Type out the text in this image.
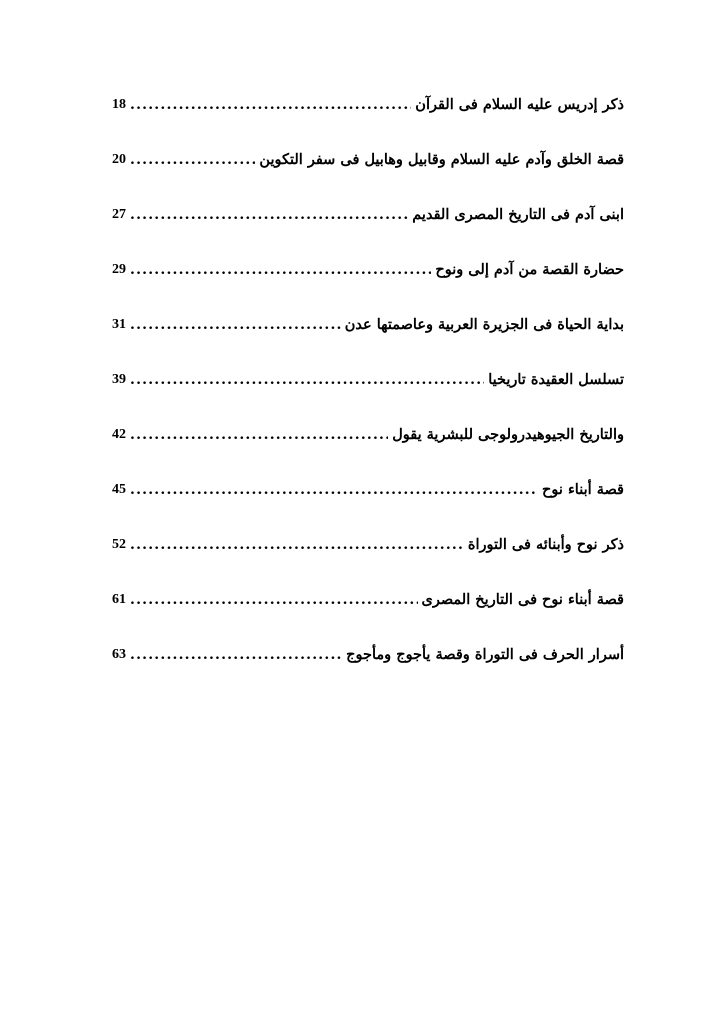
ذكر إدريس عليه السلام فى القرآن
.....
18
قصة الخلق وآدم عليه السلام وقابيل وهابيل فى سفر التكوين
.....
20
ابنى آدم فى التاريخ المصرى القديم
.....
27
حضارة القصة من آدم إلى ونوح
.....
29
بداية الحياة فى الجزيرة العربية وعاصمتها عدن
.....
31
تسلسل العقيدة تاريخيا
.....
39
والتاريخ الجيوهيدرولوجى للبشرية يقول
.....
42
قصة أبناء نوح
.....
45
ذكر نوح وأبنائه فى التوراة
.....
52
قصة أبناء نوح فى التاريخ المصرى
.....
61
أسرار الحرف فى التوراة وقصة يأجوج ومأجوج
.....
63
